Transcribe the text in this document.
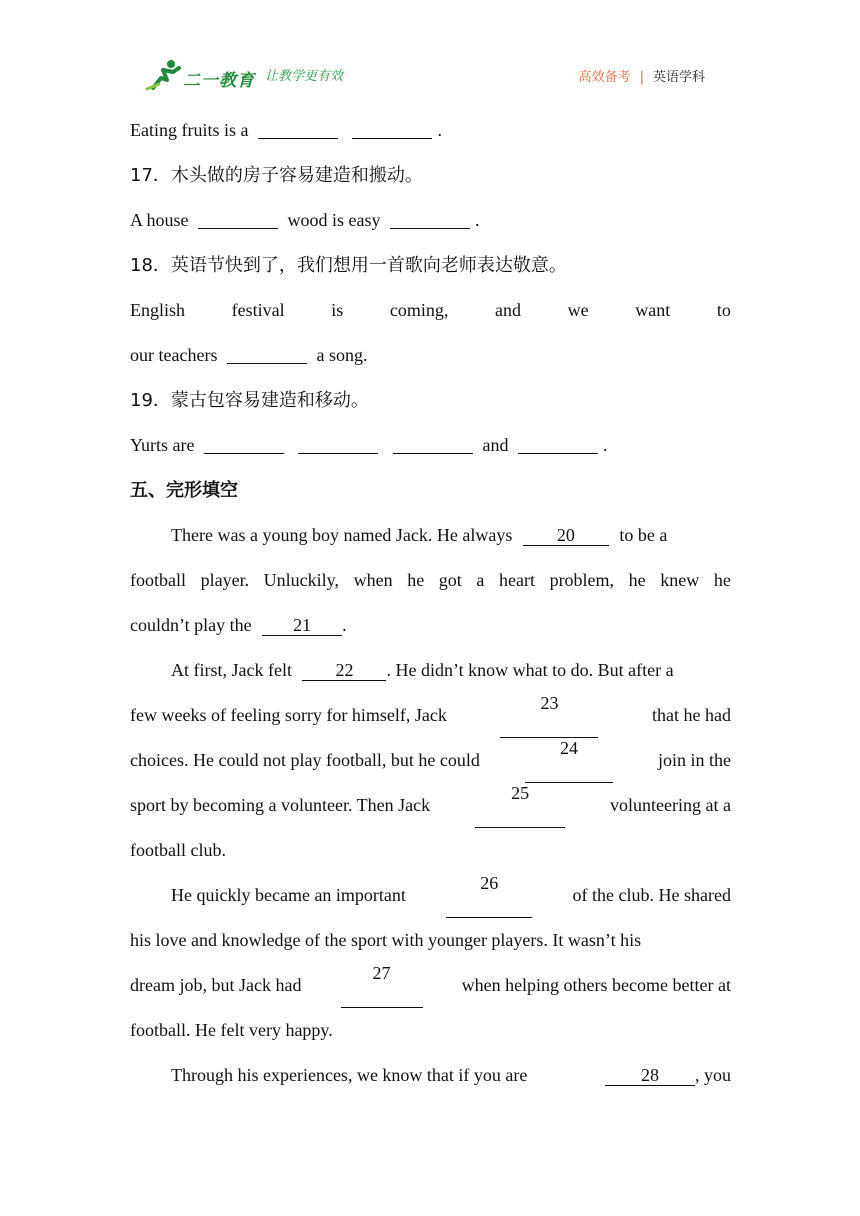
二一教育 让教学更有效	高效备考 | 英语学科
Eating fruits is a	.
17．木头做的房子容易建造和搬动。
A house	wood is easy	.
18．英语节快到了，我们想用一首歌向老师表达敬意。
English	festival	is	coming,	and	we	want	to
our teachers	a song.
19．蒙古包容易建造和移动。
Yurts are	and	.
五、完形填空
There was a young boy named Jack. He always 20 to be a
football player. Unluckily, when he got a heart problem, he knew he
couldn’t play the 21 .
At first, Jack felt 22 . He didn’t know what to do. But after a
few weeks of feeling sorry for himself, Jack
23
that he had
choices. He could not play football, but he could
24
join in the
sport by becoming a volunteer. Then Jack
25
volunteering at a
football club.
He quickly became an important
26
of the club. He shared
his love and knowledge of the sport with younger players. It wasn’t his
dream job, but Jack had
27
when helping others become better at
football. He felt very happy.
Through his experiences, we know that if you are	28 , you
